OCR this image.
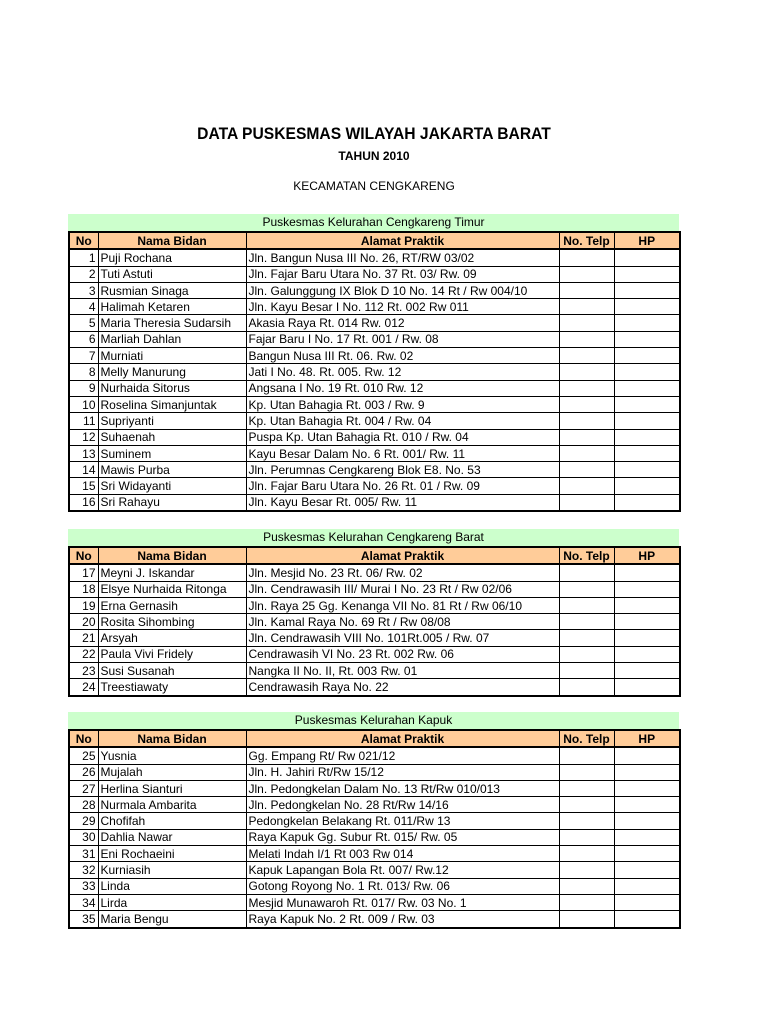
DATA PUSKESMAS WILAYAH JAKARTA BARAT
TAHUN 2010
KECAMATAN CENGKARENG
Puskesmas Kelurahan Cengkareng Timur
No	Nama Bidan	Alamat Praktik	No. Telp	HP
1	Puji Rochana	Jln. Bangun Nusa III No. 26, RT/RW 03/02		
2	Tuti Astuti	Jln. Fajar Baru Utara No. 37 Rt. 03/ Rw. 09		
3	Rusmian Sinaga	Jln. Galunggung IX Blok D 10 No. 14 Rt / Rw 004/10		
4	Halimah Ketaren	Jln. Kayu Besar I No. 112 Rt. 002 Rw 011		
5	Maria Theresia Sudarsih	Akasia Raya Rt. 014 Rw. 012		
6	Marliah Dahlan	Fajar Baru I No. 17 Rt. 001 / Rw. 08		
7	Murniati	Bangun Nusa III Rt. 06. Rw. 02		
8	Melly Manurung	Jati I No. 48. Rt. 005. Rw. 12		
9	Nurhaida Sitorus	Angsana I No. 19 Rt. 010 Rw. 12		
10	Roselina Simanjuntak	Kp. Utan Bahagia Rt. 003 / Rw. 9		
11	Supriyanti	Kp. Utan Bahagia Rt. 004 / Rw. 04		
12	Suhaenah	Puspa Kp. Utan Bahagia Rt. 010 / Rw. 04		
13	Suminem	Kayu Besar Dalam No. 6 Rt. 001/ Rw. 11		
14	Mawis Purba	Jln. Perumnas Cengkareng Blok E8. No. 53		
15	Sri Widayanti	Jln. Fajar Baru Utara No. 26 Rt. 01 / Rw. 09		
16	Sri Rahayu	Jln. Kayu Besar Rt. 005/ Rw. 11		
Puskesmas Kelurahan Cengkareng Barat
No	Nama Bidan	Alamat Praktik	No. Telp	HP
17	Meyni J. Iskandar	Jln. Mesjid No. 23 Rt. 06/ Rw. 02		
18	Elsye Nurhaida Ritonga	Jln. Cendrawasih III/ Murai I No. 23 Rt / Rw 02/06		
19	Erna Gernasih	Jln. Raya 25 Gg. Kenanga VII No. 81 Rt / Rw 06/10		
20	Rosita Sihombing	Jln. Kamal Raya No. 69 Rt / Rw 08/08		
21	Arsyah	Jln. Cendrawasih VIII No. 101Rt.005 / Rw. 07		
22	Paula Vivi Fridely	Cendrawasih VI No. 23 Rt. 002 Rw. 06		
23	Susi Susanah	Nangka II No. II, Rt. 003 Rw. 01		
24	Treestiawaty	Cendrawasih Raya No. 22		
Puskesmas Kelurahan Kapuk
No	Nama Bidan	Alamat Praktik	No. Telp	HP
25	Yusnia	Gg. Empang Rt/ Rw 021/12		
26	Mujalah	Jln. H. Jahiri Rt/Rw 15/12		
27	Herlina Sianturi	Jln. Pedongkelan Dalam No. 13 Rt/Rw 010/013		
28	Nurmala Ambarita	Jln. Pedongkelan No. 28 Rt/Rw 14/16		
29	Chofifah	Pedongkelan Belakang Rt. 011/Rw 13		
30	Dahlia Nawar	Raya Kapuk Gg. Subur Rt. 015/ Rw. 05		
31	Eni Rochaeini	Melati Indah I/1 Rt 003 Rw 014		
32	Kurniasih	Kapuk Lapangan Bola Rt. 007/ Rw.12		
33	Linda	Gotong Royong No. 1 Rt. 013/ Rw. 06		
34	Lirda	Mesjid Munawaroh Rt. 017/ Rw. 03 No. 1		
35	Maria Bengu	Raya Kapuk No. 2 Rt. 009 / Rw. 03		
